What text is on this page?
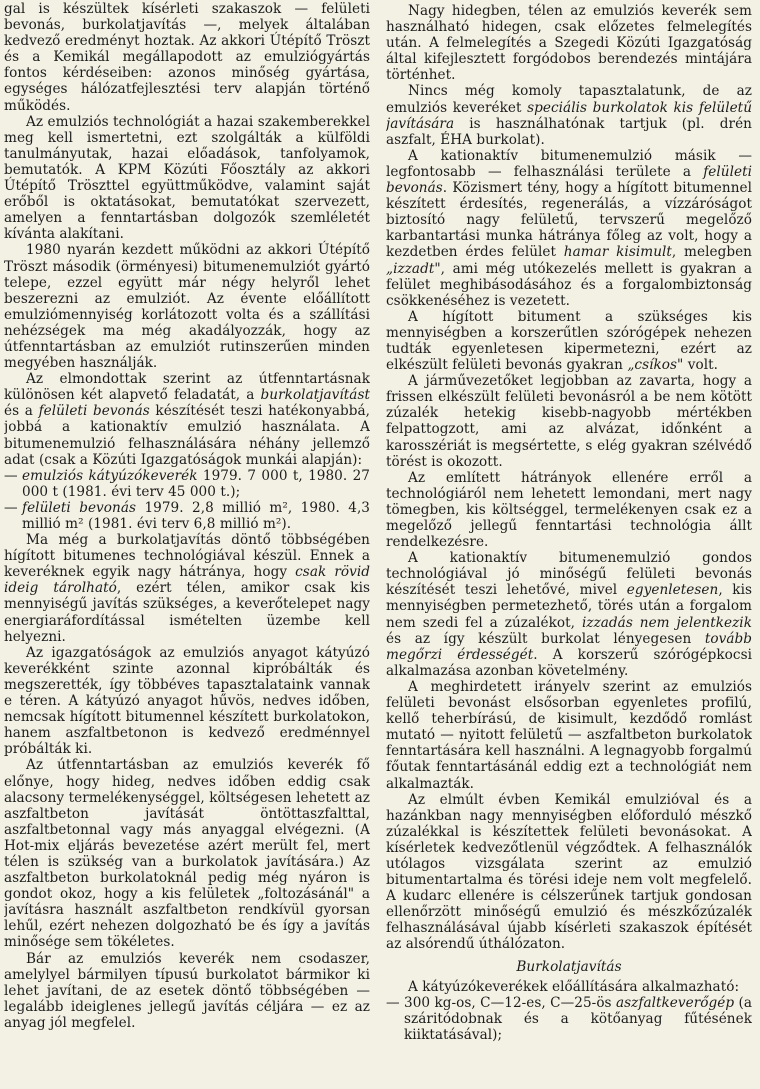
gal is készültek kísérleti szakaszok — felületi bevonás, burkolatjavítás —, melyek általában kedvező eredményt hoztak. Az akkori Útépítő Tröszt és a Kemikál megállapodott az emulziógyártás fontos kérdéseiben: azonos minőség gyártása, egységes hálózatfejlesztési terv alapján történő működés.

Az emulziós technológiát a hazai szakemberekkel meg kell ismertetni, ezt szolgálták a külföldi tanulmányutak, hazai előadások, tanfolyamok, bemutatók. A KPM Közúti Főosztály az akkori Útépítő Tröszttel együttműködve, valamint saját erőből is oktatásokat, bemutatókat szervezett, amelyen a fenntartásban dolgozók szemléletét kívánta alakítani.

1980 nyarán kezdett működni az akkori Útépítő Tröszt második (örményesi) bitumenemulziót gyártó telepe, ezzel együtt már négy helyről lehet beszerezni az emulziót. Az évente előállított emulziómennyiség korlátozott volta és a szállítási nehézségek ma még akadályozzák, hogy az útfenntartásban az emulziót rutinszerűen minden megyében használják.

Az elmondottak szerint az útfenntartásnak különösen két alapvető feladatát, a burkolatjavítást és a felületi bevonás készítését teszi hatékonyabbá, jobbá a kationaktív emulzió használata. A bitumenemulzió felhasználására néhány jellemző adat (csak a Közúti Igazgatóságok munkái alapján):

— emulziós kátyúzókeverék 1979. 7 000 t, 1980. 27 000 t (1981. évi terv 45 000 t.);

— felületi bevonás 1979. 2,8 millió m², 1980. 4,3 millió m² (1981. évi terv 6,8 millió m²).

Ma még a burkolatjavítás döntő többségében hígított bitumenes technológiával készül. Ennek a keveréknek egyik nagy hátránya, hogy csak rövid ideig tárolható, ezért télen, amikor csak kis mennyiségű javítás szükséges, a keverőtelepet nagy energiaráfordítással ismételten üzembe kell helyezni.

Az igazgatóságok az emulziós anyagot kátyúzó keverékként szinte azonnal kipróbálták és megszerették, így többéves tapasztalataink vannak e téren. A kátyúzó anyagot hűvös, nedves időben, nemcsak hígított bitumennel készített burkolatokon, hanem aszfaltbetonon is kedvező eredménnyel próbálták ki.

Az útfenntartásban az emulziós keverék fő előnye, hogy hideg, nedves időben eddig csak alacsony termelékenységgel, költségesen lehetett az aszfaltbeton javítását öntöttaszfalttal, aszfaltbetonnal vagy más anyaggal elvégezni. (A Hot-mix eljárás bevezetése azért merült fel, mert télen is szükség van a burkolatok javítására.) Az aszfaltbeton burkolatoknál pedig még nyáron is gondot okoz, hogy a kis felületek „foltozásánál" a javításra használt aszfaltbeton rendkívül gyorsan lehűl, ezért nehezen dolgozható be és így a javítás minősége sem tökéletes.

Bár az emulziós keverék nem csodaszer, amelylyel bármilyen típusú burkolatot bármikor ki lehet javítani, de az esetek döntő többségében — legalább ideiglenes jellegű javítás céljára — ez az anyag jól megfelel.

Nagy hidegben, télen az emulziós keverék sem használható hidegen, csak előzetes felmelegítés után. A felmelegítés a Szegedi Közúti Igazgatóság által kifejlesztett forgódobos berendezés mintájára történhet.

Nincs még komoly tapasztalatunk, de az emulziós keveréket speciális burkolatok kis felületű javítására is használhatónak tartjuk (pl. drén aszfalt, ÉHA burkolat).

A kationaktív bitumenemulzió másik — legfontosabb — felhasználási területe a felületi bevonás. Közismert tény, hogy a hígított bitumennel készített érdesítés, regenerálás, a vízzáróságot biztosító nagy felületű, tervszerű megelőző karbantartási munka hátránya főleg az volt, hogy a kezdetben érdes felület hamar kisimult, melegben „izzadt", ami még utókezelés mellett is gyakran a felület meghibásodásához és a forgalombiztonság csökkenéséhez is vezetett.

A hígított bitument a szükséges kis mennyiségben a korszerűtlen szórógépek nehezen tudták egyenletesen kipermetezni, ezért az elkészült felületi bevonás gyakran „csíkos" volt.

A járművezetőket legjobban az zavarta, hogy a frissen elkészült felületi bevonásról a be nem kötött zúzalék hetekig kisebb-nagyobb mértékben felpattogzott, ami az alvázat, időnként a karosszériát is megsértette, s elég gyakran szélvédő törést is okozott.

Az említett hátrányok ellenére erről a technológiáról nem lehetett lemondani, mert nagy tömegben, kis költséggel, termelékenyen csak ez a megelőző jellegű fenntartási technológia állt rendelkezésre.

A kationaktív bitumenemulzió gondos technológiával jó minőségű felületi bevonás készítését teszi lehetővé, mivel egyenletesen, kis mennyiségben permetezhető, törés után a forgalom nem szedi fel a zúzalékot, izzadás nem jelentkezik és az így készült burkolat lényegesen tovább megőrzi érdességét. A korszerű szórógépkocsi alkalmazása azonban követelmény.

A meghirdetett irányelv szerint az emulziós felületi bevonást elsősorban egyenletes profilú, kellő teherbírású, de kisimult, kezdődő romlást mutató — nyitott felületű — aszfaltbeton burkolatok fenntartására kell használni. A legnagyobb forgalmú főutak fenntartásánál eddig ezt a technológiát nem alkalmazták.

Az elmúlt évben Kemikál emulzióval és a hazánkban nagy mennyiségben előforduló mészkő zúzalékkal is készítettek felületi bevonásokat. A kísérletek kedvezőtlenül végződtek. A felhasználók utólagos vizsgálata szerint az emulzió bitumentartalma és törési ideje nem volt megfelelő. A kudarc ellenére is célszerűnek tartjuk gondosan ellenőrzött minőségű emulzió és mészkőzúzalék felhasználásával újabb kísérleti szakaszok építését az alsórendű úthálózaton.

Burkolatjavítás

A kátyúzókeverékek előállítására alkalmazható:

— 300 kg-os, C—12-es, C—25-ös aszfaltkeverőgép (a száritódobnak és a kötőanyag fűtésének kiiktatásával);
